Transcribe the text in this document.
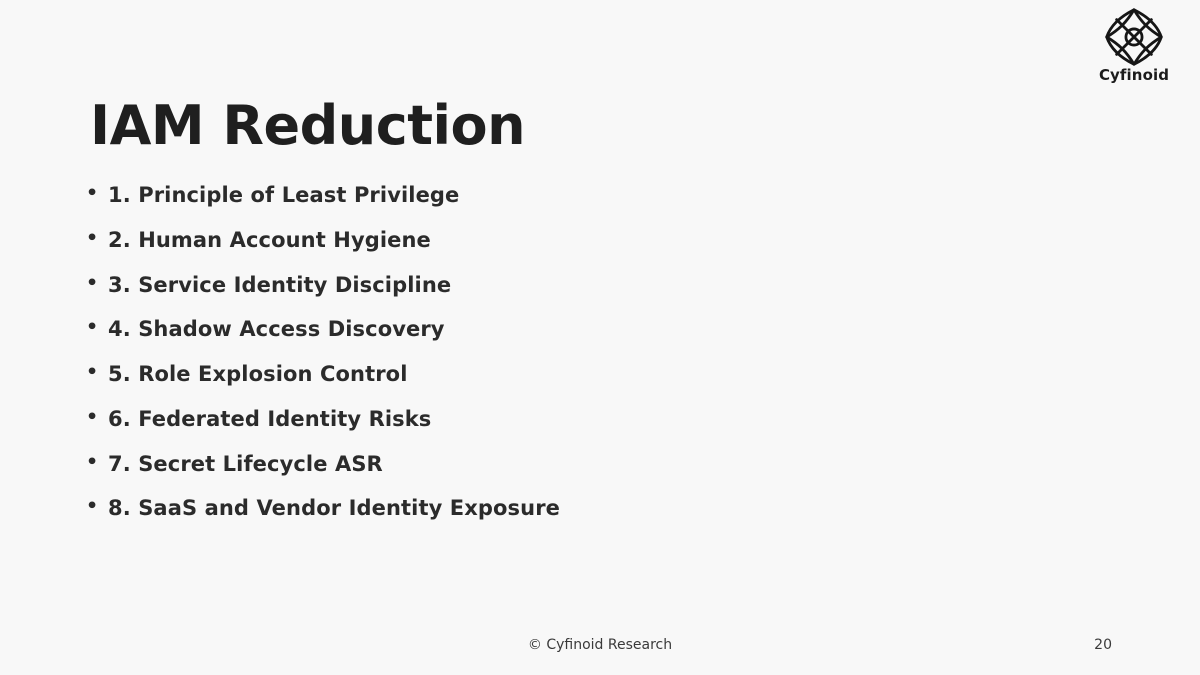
Cyfinoid
IAM Reduction
• 1. Principle of Least Privilege
• 2. Human Account Hygiene
• 3. Service Identity Discipline
• 4. Shadow Access Discovery
• 5. Role Explosion Control
• 6. Federated Identity Risks
• 7. Secret Lifecycle ASR
• 8. SaaS and Vendor Identity Exposure
© Cyfinoid Research	20
